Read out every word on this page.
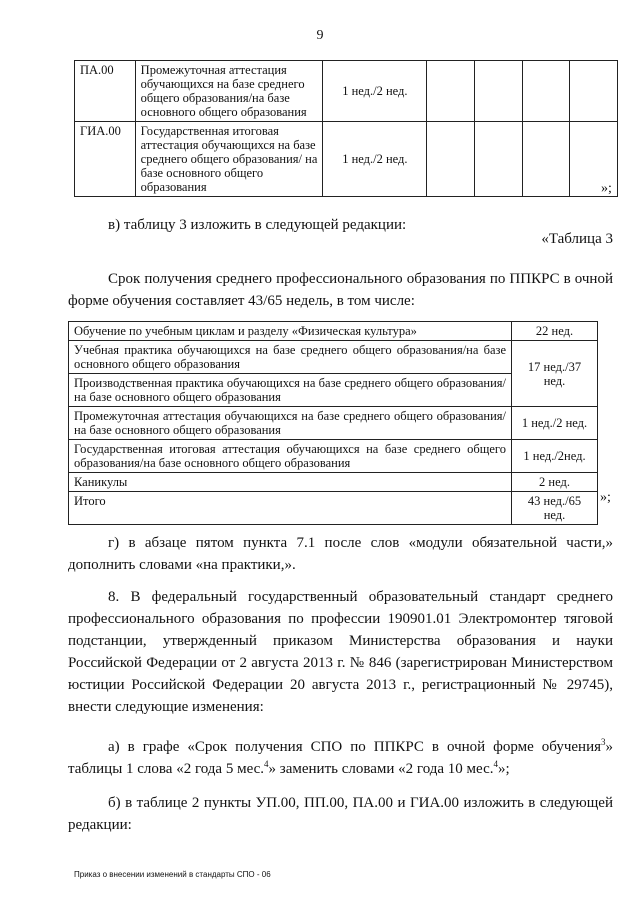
9
ПА.00	Промежуточная аттестация обучающихся на базе среднего общего образования/на базе основного общего образования	1 нед./2 нед.				
ГИА.00	Государственная итоговая аттестация обучающихся на базе среднего общего образования/ на базе основного общего образования	1 нед./2 нед.				
»;
в) таблицу 3 изложить в следующей редакции:
«Таблица 3
Срок получения среднего профессионального образования по ППКРС в очной форме обучения составляет 43/65 недель, в том числе:
Обучение по учебным циклам и разделу «Физическая культура»	22 нед.
Учебная практика обучающихся на базе среднего общего образования/на базе основного общего образования	17 нед./37 нед.
Производственная практика обучающихся на базе среднего общего образования/на базе основного общего образования	
Промежуточная аттестация обучающихся на базе среднего общего образования/на базе основного общего образования	1 нед./2 нед.
Государственная итоговая аттестация обучающихся на базе среднего общего образования/на базе основного общего образования	1 нед./2нед.
Каникулы	2 нед.
Итого	43 нед./65 нед.
»;
г) в абзаце пятом пункта 7.1 после слов «модули обязательной части,» дополнить словами «на практики,».
8. В федеральный государственный образовательный стандарт среднего профессионального образования по профессии 190901.01 Электромонтер тяговой подстанции, утвержденный приказом Министерства образования и науки Российской Федерации от 2 августа 2013 г. № 846 (зарегистрирован Министерством юстиции Российской Федерации 20 августа 2013 г., регистрационный № 29745), внести следующие изменения:
а) в графе «Срок получения СПО по ППКРС в очной форме обучения$^3$» таблицы 1 слова «2 года 5 мес.$^4$» заменить словами «2 года 10 мес.$^4$»;
б) в таблице 2 пункты УП.00, ПП.00, ПА.00 и ГИА.00 изложить в следующей редакции:
Приказ о внесении изменений в стандарты СПО - 06
